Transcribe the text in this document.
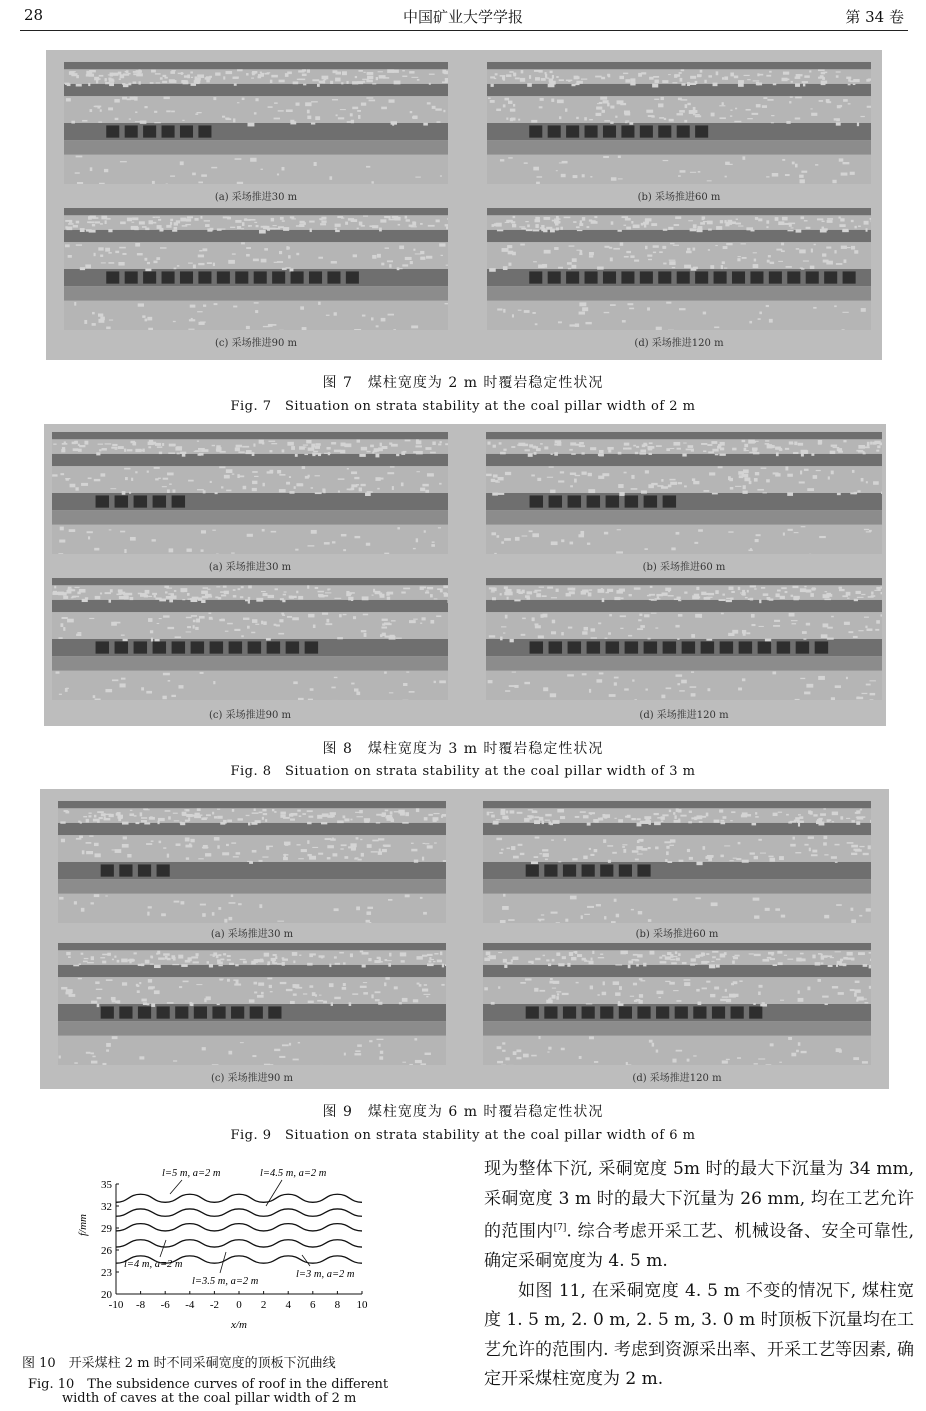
28	中国矿业大学学报	第 34 卷
(a) 采场推进30 m	(b) 采场推进60 m
(c) 采场推进90 m	(d) 采场推进120 m
图 7　煤柱宽度为 2 m 时覆岩稳定性状况
Fig. 7　Situation on strata stability at the coal pillar width of 2 m
(a) 采场推进30 m	(b) 采场推进60 m
(c) 采场推进90 m	(d) 采场推进120 m
图 8　煤柱宽度为 3 m 时覆岩稳定性状况
Fig. 8　Situation on strata stability at the coal pillar width of 3 m
(a) 采场推进30 m	(b) 采场推进60 m
(c) 采场推进90 m	(d) 采场推进120 m
图 9　煤柱宽度为 6 m 时覆岩稳定性状况
Fig. 9　Situation on strata stability at the coal pillar width of 6 m
-10 -8 -6 -4 -2 0 2 4 6 8 10
20
23
26
29
32
35
x/m
f/mm
l=5 m, a=2 m	l=4.5 m, a=2 m
l=4 m, a=2 m
l=3.5 m, a=2 m
l=3 m, a=2 m
图 10　开采煤柱 2 m 时不同采硐宽度的顶板下沉曲线
Fig. 10　The subsidence curves of roof in the different
width of caves at the coal pillar width of 2 m

现为整体下沉, 采硐宽度 5m 时的最大下沉量为 34 mm, 采硐宽度 3 m 时的最大下沉量为 26 mm, 均在工艺允许的范围内[7]. 综合考虑开采工艺、机械设备、安全可靠性, 确定采硐宽度为 4. 5 m.

如图 11, 在采硐宽度 4. 5 m 不变的情况下, 煤柱宽度 1. 5 m, 2. 0 m, 2. 5 m, 3. 0 m 时顶板下沉量均在工艺允许的范围内. 考虑到资源采出率、开采工艺等因素, 确定开采煤柱宽度为 2 m.
